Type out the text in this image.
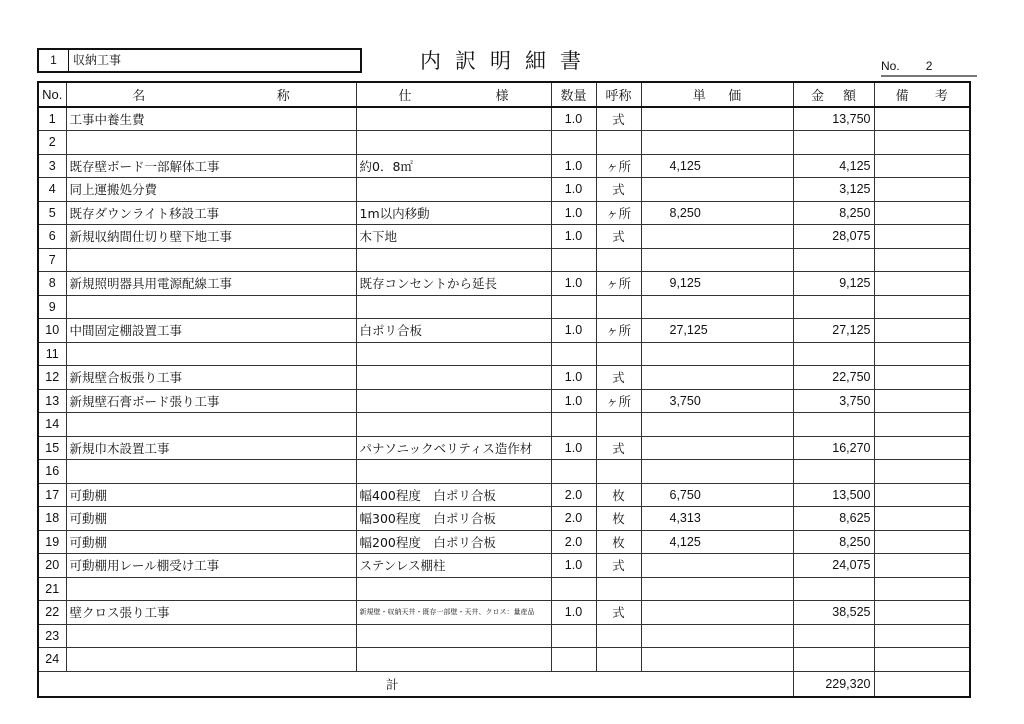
1	収納工事	内訳明細書	No. 2
No.	名 称	仕 様	数量	呼称	単 価	金 額	備 考

1	工事中養生費		1.0	式		13,750	
2							
3	既存壁ボード一部解体工事	約0．8㎡	1.0	ヶ所	4,125	4,125	
4	同上運搬処分費		1.0	式		3,125	
5	既存ダウンライト移設工事	1m以内移動	1.0	ヶ所	8,250	8,250	
6	新規収納間仕切り壁下地工事	木下地	1.0	式		28,075	
7							
8	新規照明器具用電源配線工事	既存コンセントから延長	1.0	ヶ所	9,125	9,125	
9							
10	中間固定棚設置工事	白ポリ合板	1.0	ヶ所	27,125	27,125	
11							
12	新規壁合板張り工事		1.0	式		22,750	
13	新規壁石膏ボード張り工事		1.0	ヶ所	3,750	3,750	
14							
15	新規巾木設置工事	パナソニックベリティス造作材	1.0	式		16,270	
16							
17	可動棚	幅400程度　白ポリ合板	2.0	枚	6,750	13,500	
18	可動棚	幅300程度　白ポリ合板	2.0	枚	4,313	8,625	
19	可動棚	幅200程度　白ポリ合板	2.0	枚	4,125	8,250	
20	可動棚用レール棚受け工事	ステンレス棚柱	1.0	式		24,075	
21							
22	壁クロス張り工事	新規壁・収納天井・既存一部壁・天井、クロス：量産品	1.0	式		38,525	
23							
24							
計						229,320	
